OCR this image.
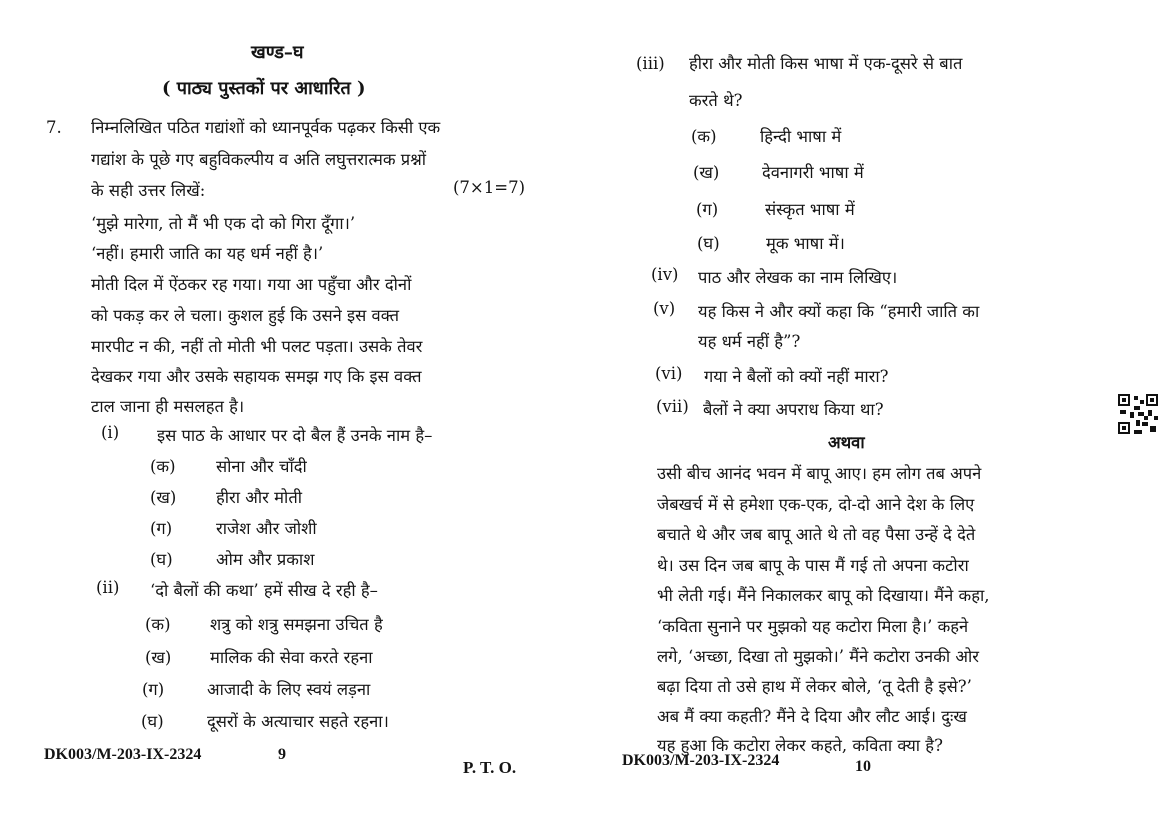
खण्ड–घ
( पाठ्य पुस्तकों पर आधारित )
7. निम्नलिखित पठित गद्यांशों को ध्यानपूर्वक पढ़कर किसी एक
गद्यांश के पूछे गए बहुविकल्पीय व अति लघुत्तरात्मक प्रश्नों
के सही उत्तर लिखें:	(7×1=7)
‘मुझे मारेगा, तो मैं भी एक दो को गिरा दूँगा।’
‘नहीं। हमारी जाति का यह धर्म नहीं है।’
मोती दिल में ऐंठकर रह गया। गया आ पहुँचा और दोनों
को पकड़ कर ले चला। कुशल हुई कि उसने इस वक्त
मारपीट न की, नहीं तो मोती भी पलट पड़ता। उसके तेवर
देखकर गया और उसके सहायक समझ गए कि इस वक्त
टाल जाना ही मसलहत है।
(i) इस पाठ के आधार पर दो बैल हैं उनके नाम है–
(क) सोना और चाँदी
(ख) हीरा और मोती
(ग)	राजेश और जोशी
(घ)	ओम और प्रकाश
(ii) ‘दो बैलों की कथा’ हमें सीख दे रही है–
(क) शत्रु को शत्रु समझना उचित है
(ख) मालिक की सेवा करते रहना
(ग)	आजादी के लिए स्वयं लड़ना
(घ)	दूसरों के अत्याचार सहते रहना।
DK003/M-203-IX-2324	9
P. T. O.
(iii) हीरा और मोती किस भाषा में एक-दूसरे से बात
करते थे?
(क)	हिन्दी भाषा में
(ख)	देवनागरी भाषा में
(ग)	संस्कृत भाषा में
(घ)	मूक भाषा में।
(iv) पाठ और लेखक का नाम लिखिए।
(v) यह किस ने और क्यों कहा कि “हमारी जाति का
यह धर्म नहीं है”?
(vi) गया ने बैलों को क्यों नहीं मारा?
(vii) बैलों ने क्या अपराध किया था?
अथवा
उसी बीच आनंद भवन में बापू आए। हम लोग तब अपने
जेबखर्च में से हमेशा एक-एक, दो-दो आने देश के लिए
बचाते थे और जब बापू आते थे तो वह पैसा उन्हें दे देते
थे। उस दिन जब बापू के पास मैं गई तो अपना कटोरा
भी लेती गई। मैंने निकालकर बापू को दिखाया। मैंने कहा,
‘कविता सुनाने पर मुझको यह कटोरा मिला है।’ कहने
लगे, ‘अच्छा, दिखा तो मुझको।’ मैंने कटोरा उनकी ओर
बढ़ा दिया तो उसे हाथ में लेकर बोले, ‘तू देती है इसे?’
अब मैं क्या कहती? मैंने दे दिया और लौट आई। दुःख
यह हुआ कि कटोरा लेकर कहते, कविता क्या है?
DK003/M-203-IX-2324	10
